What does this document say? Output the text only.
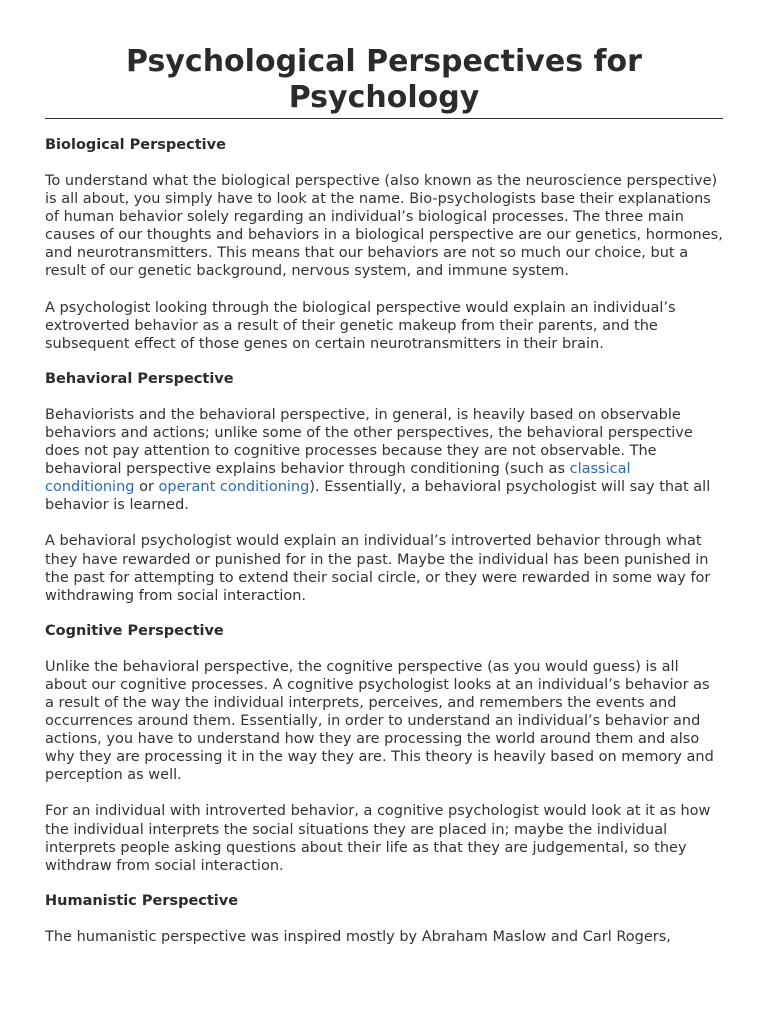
Psychological Perspectives for Psychology
Biological Perspective

To understand what the biological perspective (also known as the neuroscience perspective) is all about, you simply have to look at the name. Bio-psychologists base their explanations of human behavior solely regarding an individual’s biological processes. The three main causes of our thoughts and behaviors in a biological perspective are our genetics, hormones, and neurotransmitters. This means that our behaviors are not so much our choice, but a result of our genetic background, nervous system, and immune system.

A psychologist looking through the biological perspective would explain an individual’s extroverted behavior as a result of their genetic makeup from their parents, and the subsequent effect of those genes on certain neurotransmitters in their brain.

Behavioral Perspective

Behaviorists and the behavioral perspective, in general, is heavily based on observable behaviors and actions; unlike some of the other perspectives, the behavioral perspective does not pay attention to cognitive processes because they are not observable. The behavioral perspective explains behavior through conditioning (such as classical conditioning or operant conditioning). Essentially, a behavioral psychologist will say that all behavior is learned.

A behavioral psychologist would explain an individual’s introverted behavior through what they have rewarded or punished for in the past. Maybe the individual has been punished in the past for attempting to extend their social circle, or they were rewarded in some way for withdrawing from social interaction.

Cognitive Perspective

Unlike the behavioral perspective, the cognitive perspective (as you would guess) is all about our cognitive processes. A cognitive psychologist looks at an individual’s behavior as a result of the way the individual interprets, perceives, and remembers the events and occurrences around them. Essentially, in order to understand an individual’s behavior and actions, you have to understand how they are processing the world around them and also why they are processing it in the way they are. This theory is heavily based on memory and perception as well.

For an individual with introverted behavior, a cognitive psychologist would look at it as how the individual interprets the social situations they are placed in; maybe the individual interprets people asking questions about their life as that they are judgemental, so they withdraw from social interaction.

Humanistic Perspective

The humanistic perspective was inspired mostly by Abraham Maslow and Carl Rogers,
